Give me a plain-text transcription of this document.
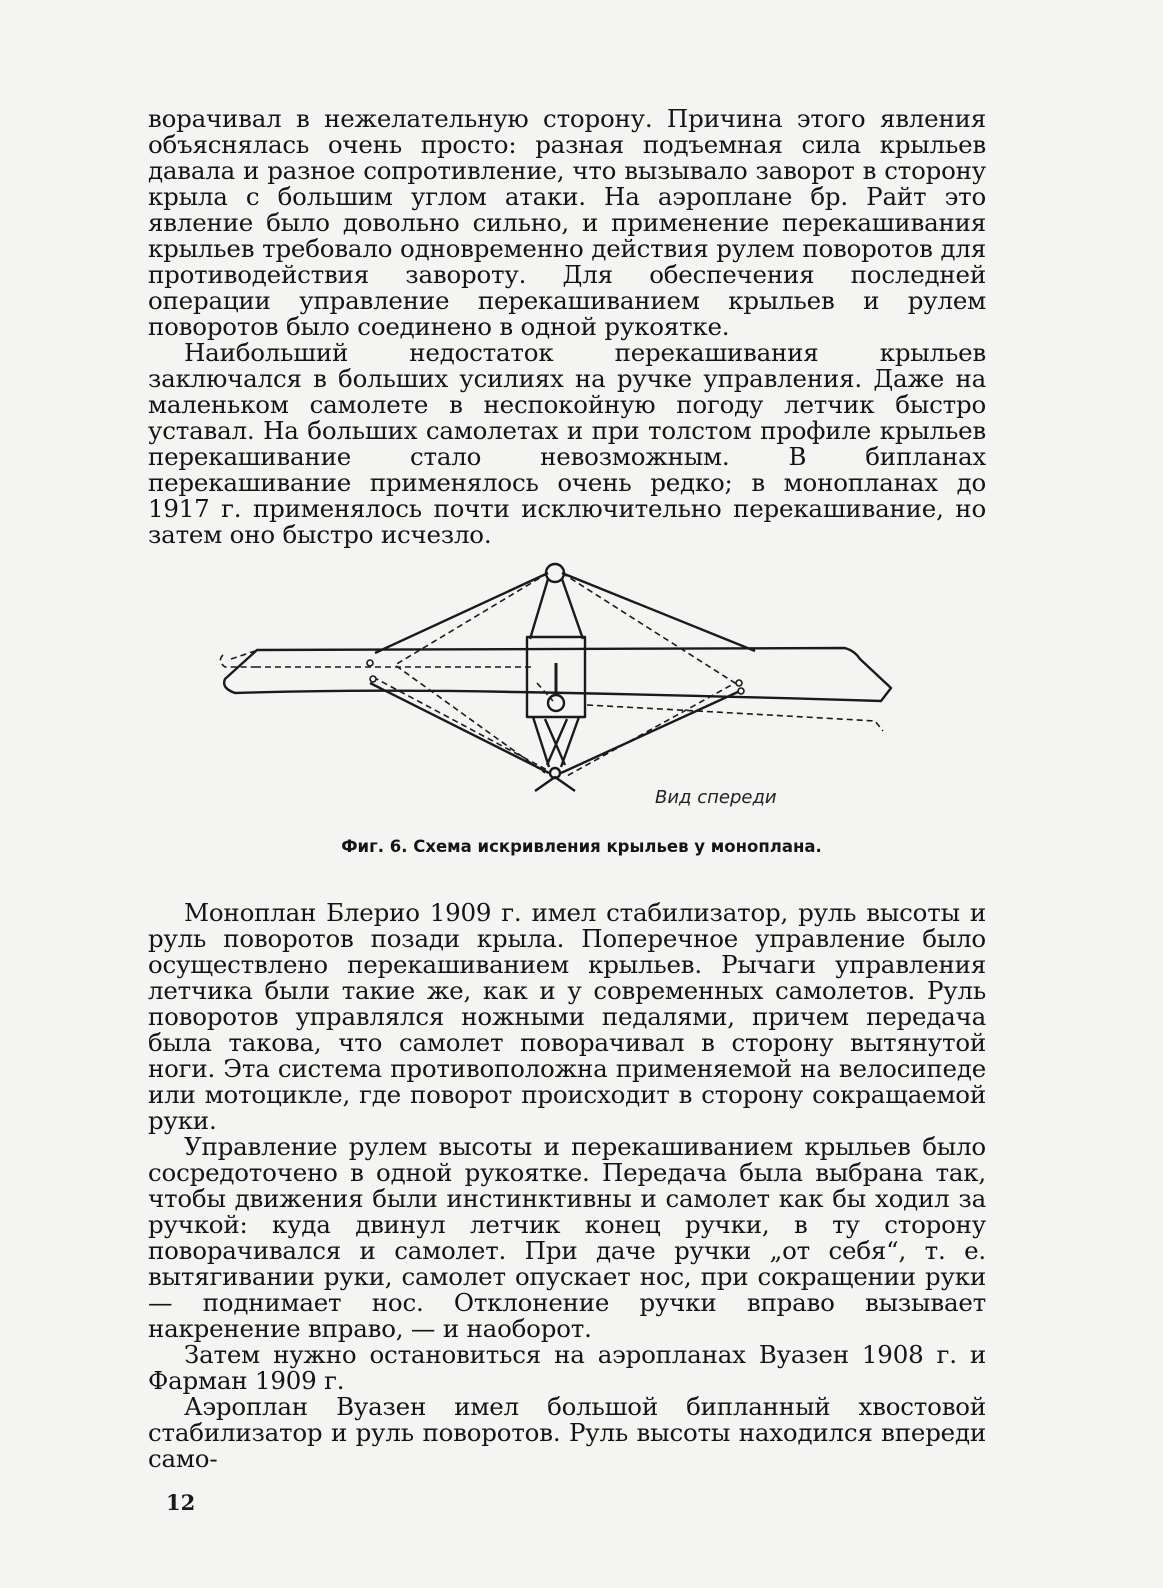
ворачивал в нежелательную сторону. Причина этого явления объяснялась очень просто: разная подъемная сила крыльев давала и разное сопротивление, что вызывало заворот в сторону крыла с большим углом атаки. На аэроплане бр. Райт это явление было довольно сильно, и применение перекашивания крыльев требовало одновременно действия рулем поворотов для противодействия завороту. Для обеспечения последней операции управление перекашиванием крыльев и рулем поворотов было соединено в одной рукоятке.

Наибольший недостаток перекашивания крыльев заключался в больших усилиях на ручке управления. Даже на маленьком самолете в неспокойную погоду летчик быстро уставал. На больших самолетах и при толстом профиле крыльев перекашивание стало невозможным. В бипланах перекашивание применялось очень редко; в монопланах до 1917 г. применялось почти исключительно перекашивание, но затем оно быстро исчезло.

Вид спереди
Фиг. 6. Схема искривления крыльев у моноплана.

Моноплан Блерио 1909 г. имел стабилизатор, руль высоты и руль поворотов позади крыла. Поперечное управление было осуществлено перекашиванием крыльев. Рычаги управления летчика были такие же, как и у современных самолетов. Руль поворотов управлялся ножными педалями, причем передача была такова, что самолет поворачивал в сторону вытянутой ноги. Эта система противоположна применяемой на велосипеде или мотоцикле, где поворот происходит в сторону сокращаемой руки.

Управление рулем высоты и перекашиванием крыльев было сосредоточено в одной рукоятке. Передача была выбрана так, чтобы движения были инстинктивны и самолет как бы ходил за ручкой: куда двинул летчик конец ручки, в ту сторону поворачивался и самолет. При даче ручки „от себя“, т. е. вытягивании руки, самолет опускает нос, при сокращении руки — поднимает нос. Отклонение ручки вправо вызывает накренение вправо, — и наоборот.

Затем нужно остановиться на аэропланах Вуазен 1908 г. и Фарман 1909 г.

Аэроплан Вуазен имел большой бипланный хвостовой стабилизатор и руль поворотов. Руль высоты находился впереди само-

12
